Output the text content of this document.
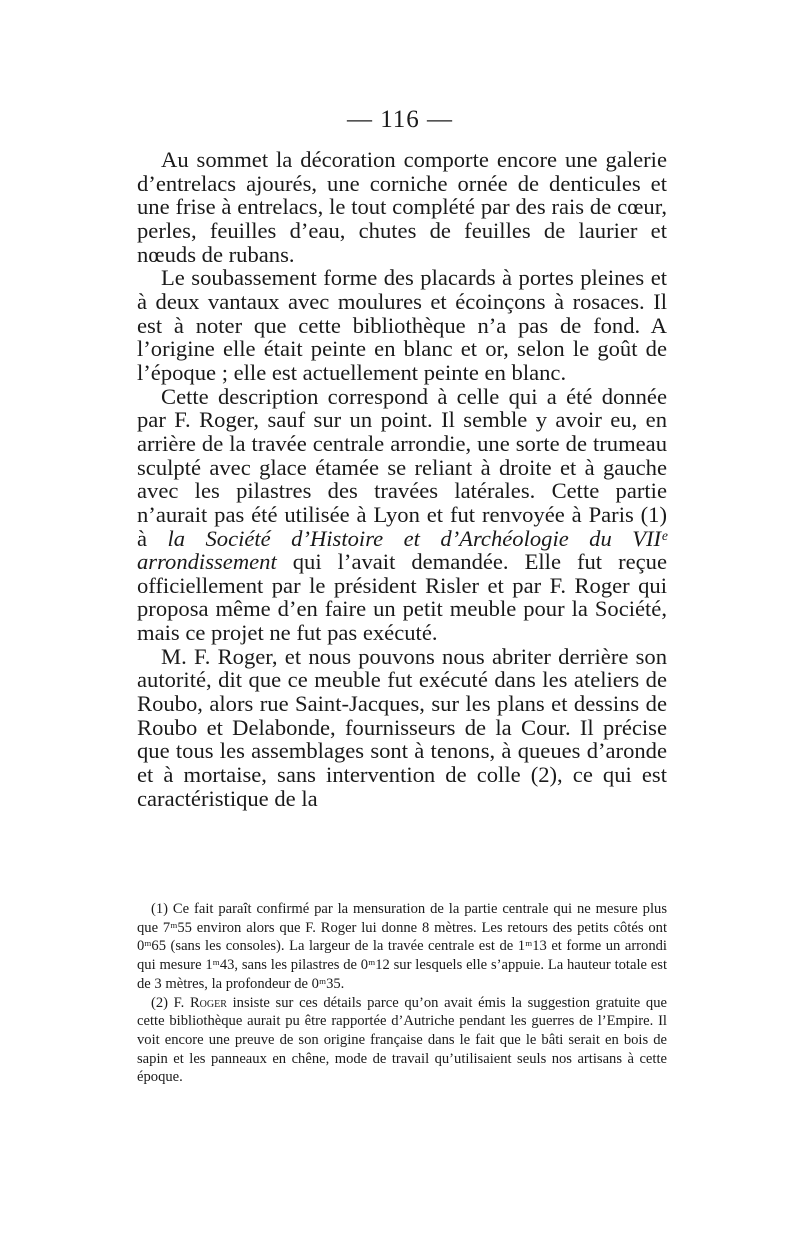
— 116 —

Au sommet la décoration comporte encore une galerie d’entrelacs ajourés, une corniche ornée de denticules et une frise à entrelacs, le tout complété par des rais de cœur, perles, feuilles d’eau, chutes de feuilles de laurier et nœuds de rubans.

Le soubassement forme des placards à portes pleines et à deux vantaux avec moulures et écoinçons à rosaces. Il est à noter que cette bibliothèque n’a pas de fond. A l’origine elle était peinte en blanc et or, selon le goût de l’époque ; elle est actuellement peinte en blanc.

Cette description correspond à celle qui a été donnée par F. Roger, sauf sur un point. Il semble y avoir eu, en arrière de la travée centrale arrondie, une sorte de trumeau sculpté avec glace étamée se reliant à droite et à gauche avec les pilastres des travées latérales. Cette partie n’aurait pas été utilisée à Lyon et fut renvoyée à Paris (1) à la Société d’Histoire et d’Archéologie du VIIᵉ arrondissement qui l’avait demandée. Elle fut reçue officiellement par le président Risler et par F. Roger qui proposa même d’en faire un petit meuble pour la Société, mais ce projet ne fut pas exécuté.

M. F. Roger, et nous pouvons nous abriter derrière son autorité, dit que ce meuble fut exécuté dans les ateliers de Roubo, alors rue Saint-Jacques, sur les plans et dessins de Roubo et Delabonde, fournisseurs de la Cour. Il précise que tous les assemblages sont à tenons, à queues d’aronde et à mortaise, sans intervention de colle (2), ce qui est caractéristique de la

(1) Ce fait paraît confirmé par la mensuration de la partie centrale qui ne mesure plus que 7ᵐ55 environ alors que F. Roger lui donne 8 mètres. Les retours des petits côtés ont 0ᵐ65 (sans les consoles). La largeur de la travée centrale est de 1ᵐ13 et forme un arrondi qui mesure 1ᵐ43, sans les pilastres de 0ᵐ12 sur lesquels elle s’appuie. La hauteur totale est de 3 mètres, la profondeur de 0ᵐ35.

(2) F. Roger insiste sur ces détails parce qu’on avait émis la suggestion gratuite que cette bibliothèque aurait pu être rapportée d’Autriche pendant les guerres de l’Empire. Il voit encore une preuve de son origine française dans le fait que le bâti serait en bois de sapin et les panneaux en chêne, mode de travail qu’utilisaient seuls nos artisans à cette époque.
